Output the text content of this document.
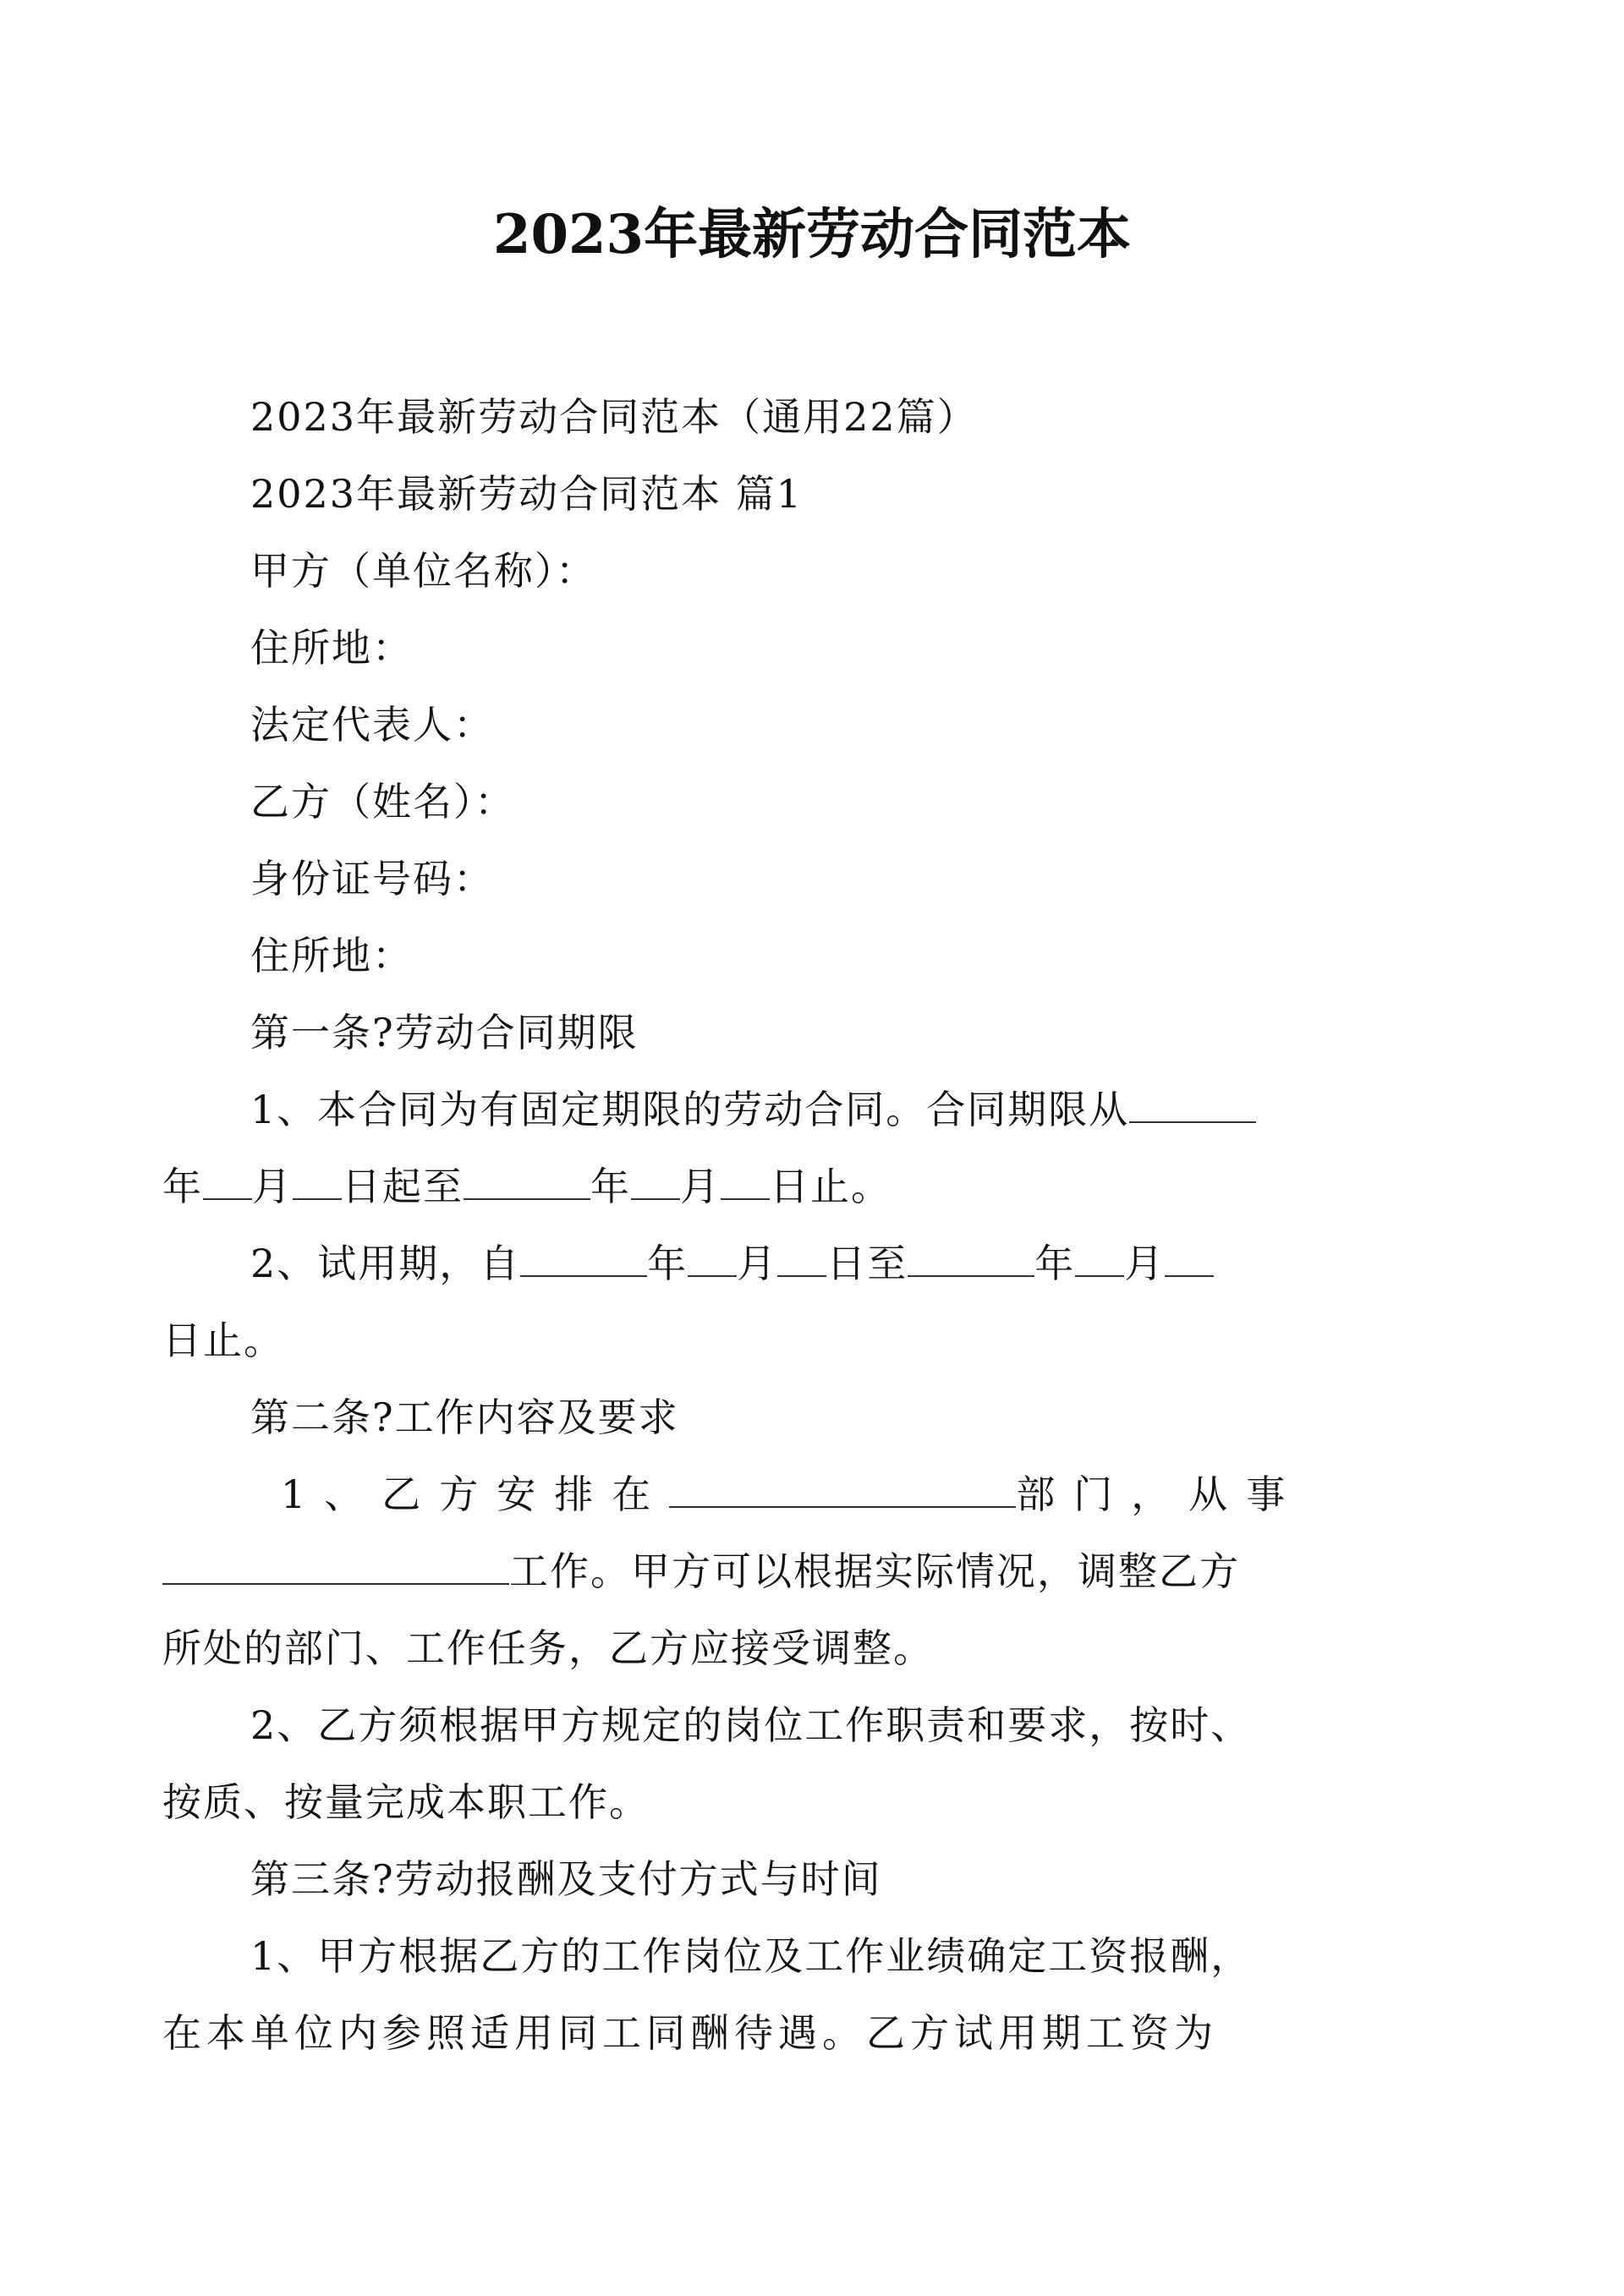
2023年最新劳动合同范本

2023年最新劳动合同范本（通用22篇）

2023年最新劳动合同范本 篇1

甲方（单位名称）：

住所地：

法定代表人：

乙方（姓名）：

身份证号码：

住所地：

第一条?劳动合同期限

1、本合同为有固定期限的劳动合同。合同期限从

年 月 日起至	年 月 日止。

2、试用期，自	年 月 日至	年 月

日止。

第二条?工作内容及要求

1、乙方安排在	部门，从事

工作。甲方可以根据实际情况，调整乙方

所处的部门、工作任务，乙方应接受调整。

2、乙方须根据甲方规定的岗位工作职责和要求，按时、

按质、按量完成本职工作。

第三条?劳动报酬及支付方式与时间

1、甲方根据乙方的工作岗位及工作业绩确定工资报酬，

在本单位内参照适用同工同酬待遇。乙方试用期工资为
